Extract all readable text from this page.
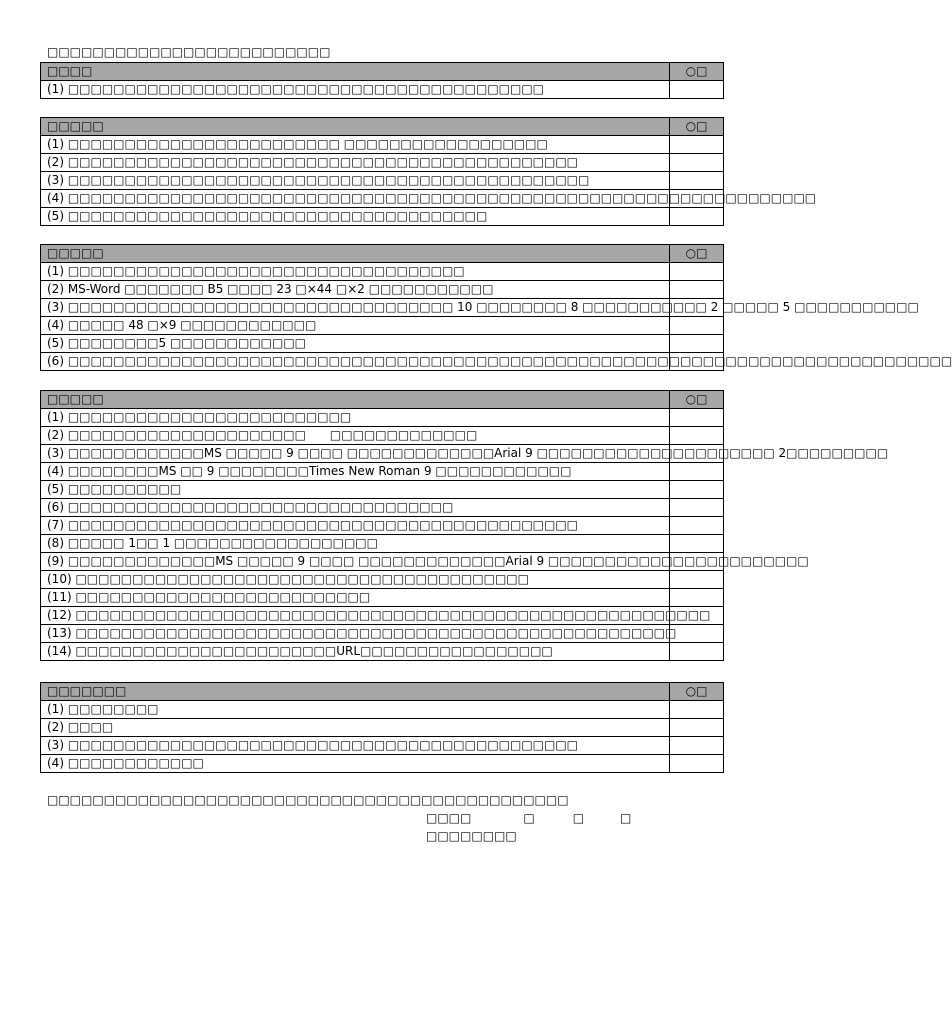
□□□□□□□□□□□□□□□□□□□□□□□□□
□□□□	○□
(1) □□□□□□□□□□□□□□□□□□□□□□□□□□□□□□□□□□□□□□□□□□	
□□□□□	○□
(1) □□□□□□□□□□□□□□□□□□□□□□□□ □□□□□□□□□□□□□□□□□□	
(2) □□□□□□□□□□□□□□□□□□□□□□□□□□□□□□□□□□□□□□□□□□□□□	
(3) □□□□□□□□□□□□□□□□□□□□□□□□□□□□□□□□□□□□□□□□□□□□□□	
(4) □□□□□□□□□□□□□□□□□□□□□□□□□□□□□□□□□□□□□□□□□□□□□□□□□□□□□□□□□□□□□□□□□□	
(5) □□□□□□□□□□□□□□□□□□□□□□□□□□□□□□□□□□□□□	
□□□□□	○□
(1) □□□□□□□□□□□□□□□□□□□□□□□□□□□□□□□□□□□	
(2) MS-Word □□□□□□□ B5 □□□□ 23 □×44 □×2 □□□□□□□□□□□	
(3) □□□□□□□□□□□□□□□□□□□□□□□□□□□□□□□□□□ 10 □□□□□□□□ 8 □□□□□□□□□□□ 2 □□□□□ 5 □□□□□□□□□□□	
(4) □□□□□ 48 □×9 □□□□□□□□□□□□	
(5) □□□□□□□□5 □□□□□□□□□□□□	
(6) □□□□□□□□□□□□□□□□□□□□□□□□□□□□□□□□□□□□□□□□□□□□□□□□□□□□□□□□□□□□□□□□□□□□□□□□□□□□□□	
□□□□□	○□
(1) □□□□□□□□□□□□□□□□□□□□□□□□□	
(2) □□□□□□□□□□□□□□□□□□□□□　　□□□□□□□□□□□□□	
(3) □□□□□□□□□□□□MS □□□□□ 9 □□□□ □□□□□□□□□□□□□Arial 9 □□□□□□□□□□□□□□□□□□□□□ 2□□□□□□□□□	
(4) □□□□□□□□MS □□ 9 □□□□□□□□Times New Roman 9 □□□□□□□□□□□□	
(5) □□□□□□□□□□	
(6) □□□□□□□□□□□□□□□□□□□□□□□□□□□□□□□□□□	
(7) □□□□□□□□□□□□□□□□□□□□□□□□□□□□□□□□□□□□□□□□□□□□□	
(8) □□□□□ 1□□ 1 □□□□□□□□□□□□□□□□□□	
(9) □□□□□□□□□□□□□MS □□□□□ 9 □□□□ □□□□□□□□□□□□□Arial 9 □□□□□□□□□□□□□□□□□□□□□□□	
(10) □□□□□□□□□□□□□□□□□□□□□□□□□□□□□□□□□□□□□□□□	
(11) □□□□□□□□□□□□□□□□□□□□□□□□□□	
(12) □□□□□□□□□□□□□□□□□□□□□□□□□□□□□□□□□□□□□□□□□□□□□□□□□□□□□□□□	
(13) □□□□□□□□□□□□□□□□□□□□□□□□□□□□□□□□□□□□□□□□□□□□□□□□□□□□□	
(14) □□□□□□□□□□□□□□□□□□□□□□□URL□□□□□□□□□□□□□□□□□	
□□□□□□□	○□
(1) □□□□□□□□	
(2) □□□□	
(3) □□□□□□□□□□□□□□□□□□□□□□□□□□□□□□□□□□□□□□□□□□□□□	
(4) □□□□□□□□□□□□	
□□□□□□□□□□□□□□□□□□□□□□□□□□□□□□□□□□□□□□□□□□□□□□
□□□□	□	□	□
□□□□□□□□
